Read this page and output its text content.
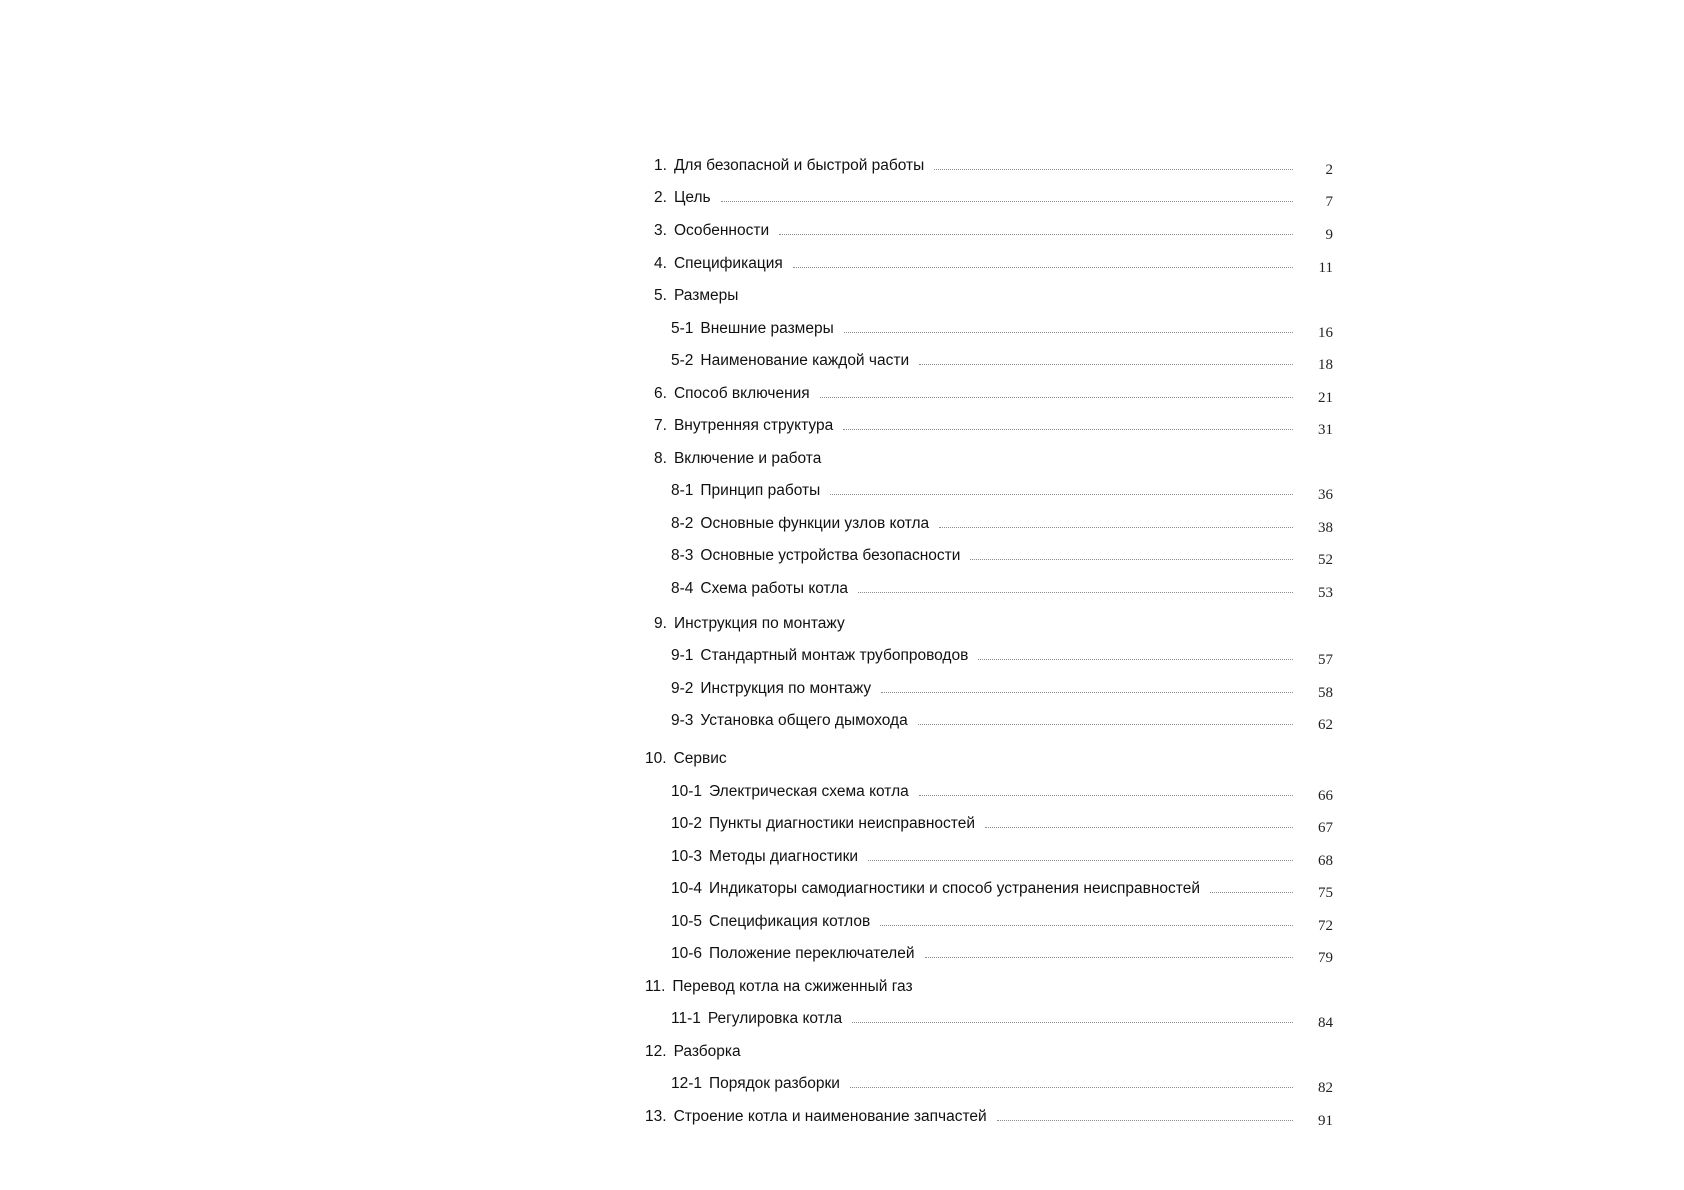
1. Для безопасной и быстрой работы	2
2. Цель	7
3. Особенности	9
4. Спецификация	11
5. Размеры
5-1 Внешние размеры	16
5-2 Наименование каждой части	18
6. Способ включения	21
7. Внутренняя структура	31
8. Включение и работа
8-1 Принцип работы	36
8-2 Основные функции узлов котла	38
8-3 Основные устройства безопасности	52
8-4 Схема работы котла	53
9. Инструкция по монтажу
9-1 Стандартный монтаж трубопроводов	57
9-2 Инструкция по монтажу	58
9-3 Установка общего дымохода	62
10. Сервис
10-1 Электрическая схема котла	66
10-2 Пункты диагностики неисправностей	67
10-3 Методы диагностики	68
10-4 Индикаторы самодиагностики и способ устранения неисправностей	75
10-5 Спецификация котлов	72
10-6 Положение переключателей	79
11. Перевод котла на сжиженный газ
11-1 Регулировка котла	84
12. Разборка
12-1 Порядок разборки	82
13. Строение котла и наименование запчастей	91
